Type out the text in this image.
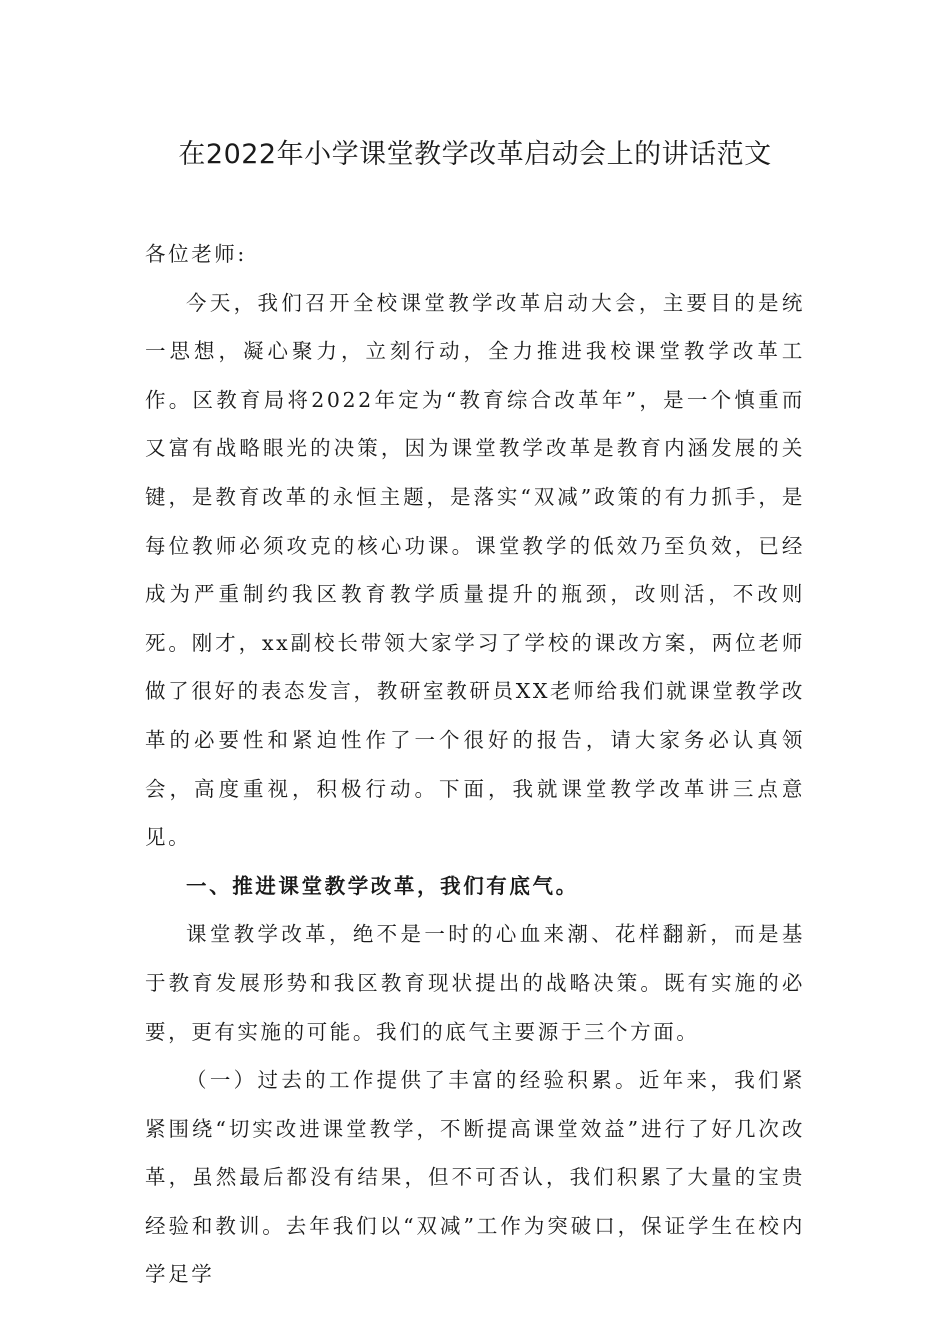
在2022年小学课堂教学改革启动会上的讲话范文

各位老师:

今天，我们召开全校课堂教学改革启动大会，主要目的是统一思想，凝心聚力，立刻行动，全力推进我校课堂教学改革工作。区教育局将2022年定为“教育综合改革年”，是一个慎重而又富有战略眼光的决策，因为课堂教学改革是教育内涵发展的关键，是教育改革的永恒主题，是落实“双减”政策的有力抓手，是每位教师必须攻克的核心功课。课堂教学的低效乃至负效，已经成为严重制约我区教育教学质量提升的瓶颈，改则活，不改则死。刚才，xx副校长带领大家学习了学校的课改方案，两位老师做了很好的表态发言，教研室教研员XX老师给我们就课堂教学改革的必要性和紧迫性作了一个很好的报告，请大家务必认真领会，高度重视，积极行动。下面，我就课堂教学改革讲三点意见。

一、推进课堂教学改革，我们有底气。

课堂教学改革，绝不是一时的心血来潮、花样翻新，而是基于教育发展形势和我区教育现状提出的战略决策。既有实施的必要，更有实施的可能。我们的底气主要源于三个方面。

（一）过去的工作提供了丰富的经验积累。近年来，我们紧紧围绕“切实改进课堂教学，不断提高课堂效益”进行了好几次改革，虽然最后都没有结果，但不可否认，我们积累了大量的宝贵经验和教训。去年我们以“双减”工作为突破口，保证学生在校内学足学
